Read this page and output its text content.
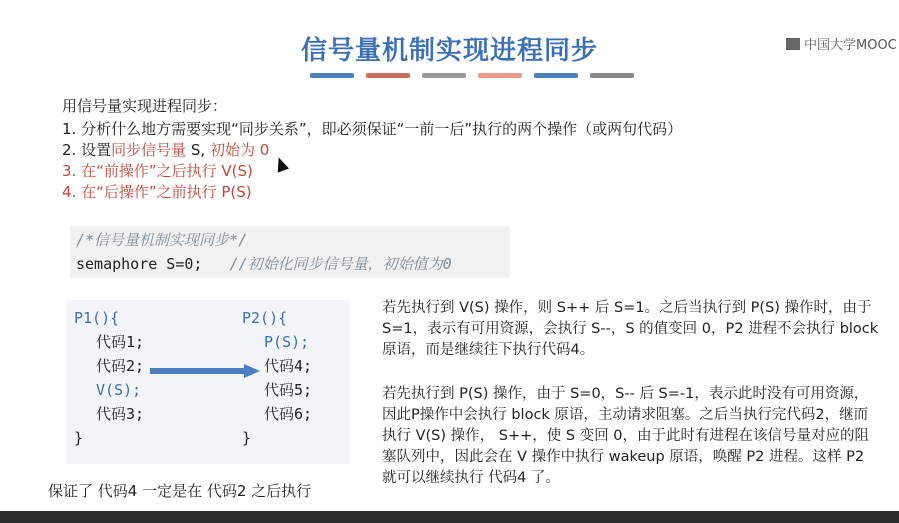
信号量机制实现进程同步	中国大学MOOC
用信号量实现进程同步：
1. 分析什么地方需要实现“同步关系”，即必须保证“一前一后”执行的两个操作（或两句代码）
2. 设置同步信号量 S, 初始为 0
3. 在“前操作”之后执行 V(S)
4. 在“后操作”之前执行 P(S)
/*信号量机制实现同步*/
semaphore S=0; //初始化同步信号量，初始值为0
P1(){
代码1;
代码2;
V(S);
代码3;
}
P2(){
P(S);
代码4;
代码5;
代码6;
}
保证了 代码4 一定是在 代码2 之后执行

若先执行到 V(S) 操作，则 S++ 后 S=1。之后当执行到 P(S) 操作时，由于 S=1，表示有可用资源，会执行 S--，S 的值变回 0，P2 进程不会执行 block 原语，而是继续往下执行代码4。

若先执行到 P(S) 操作，由于 S=0，S-- 后 S=-1，表示此时没有可用资源，因此P操作中会执行 block 原语，主动请求阻塞。之后当执行完代码2，继而执行 V(S) 操作， S++，使 S 变回 0，由于此时有进程在该信号量对应的阻塞队列中，因此会在 V 操作中执行 wakeup 原语，唤醒 P2 进程。这样 P2 就可以继续执行 代码4 了。
